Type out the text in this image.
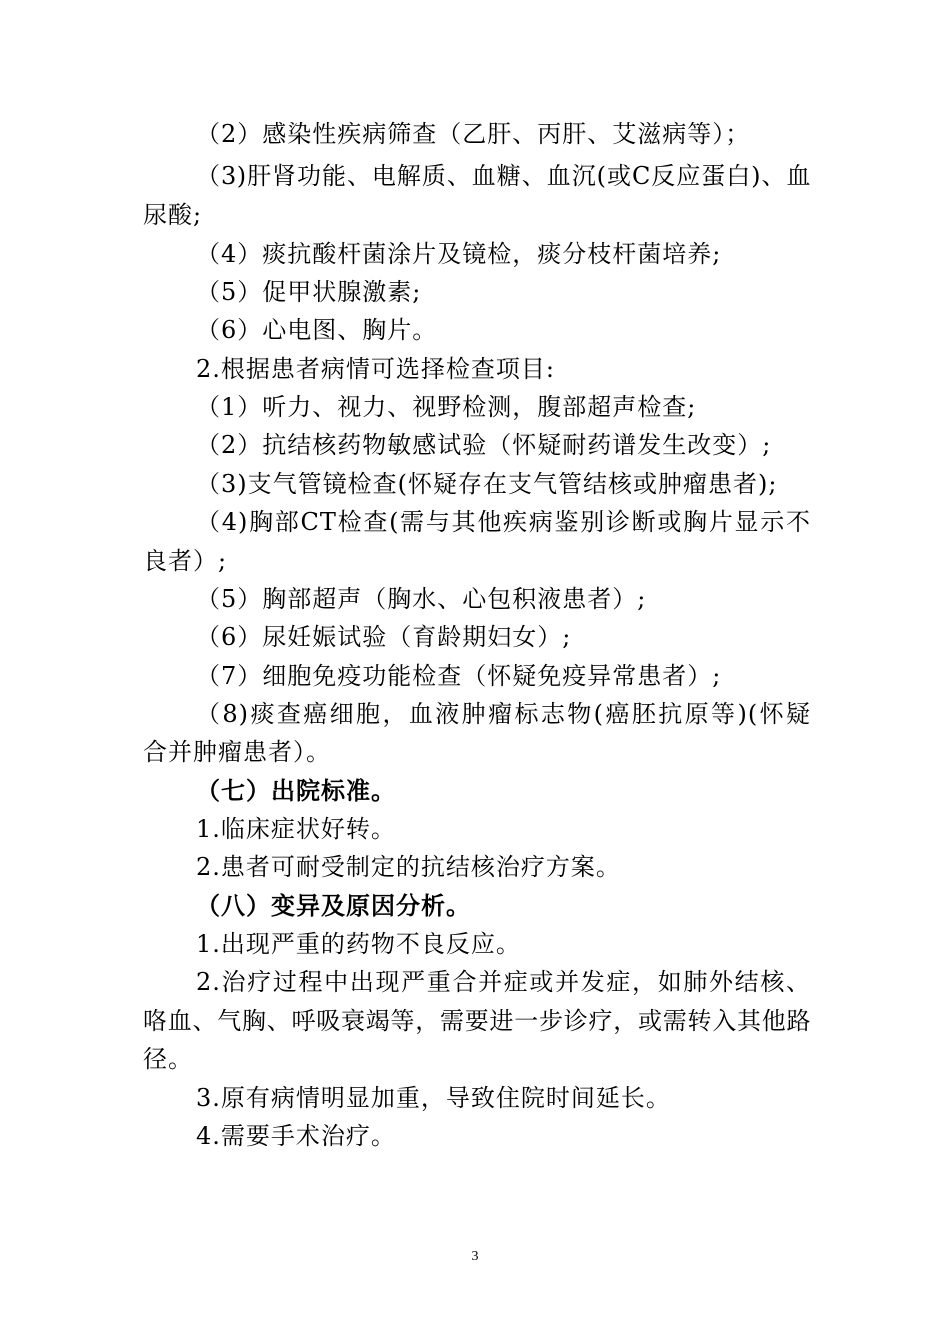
（2）感染性疾病筛查（乙肝、丙肝、艾滋病等）；
（3)肝肾功能、电解质、血糖、血沉(或C反应蛋白)、血
尿酸;
（4）痰抗酸杆菌涂片及镜检，痰分枝杆菌培养;
（5）促甲状腺激素;
（6）心电图、胸片。
2.根据患者病情可选择检查项目:
（1）听力、视力、视野检测，腹部超声检查;
（2）抗结核药物敏感试验（怀疑耐药谱发生改变）;
（3)支气管镜检查(怀疑存在支气管结核或肿瘤患者);
（4)胸部CT检查(需与其他疾病鉴别诊断或胸片显示不
良者）;
（5）胸部超声（胸水、心包积液患者）;
（6）尿妊娠试验（育龄期妇女）;
（7）细胞免疫功能检查（怀疑免疫异常患者）;
（8)痰查癌细胞，血液肿瘤标志物(癌胚抗原等)(怀疑
合并肿瘤患者）。
（七）出院标准。
1.临床症状好转。
2.患者可耐受制定的抗结核治疗方案。
（八）变异及原因分析。
1.出现严重的药物不良反应。
2.治疗过程中出现严重合并症或并发症，如肺外结核、
咯血、气胸、呼吸衰竭等，需要进一步诊疗，或需转入其他路
径。
3.原有病情明显加重，导致住院时间延长。
4.需要手术治疗。
3
